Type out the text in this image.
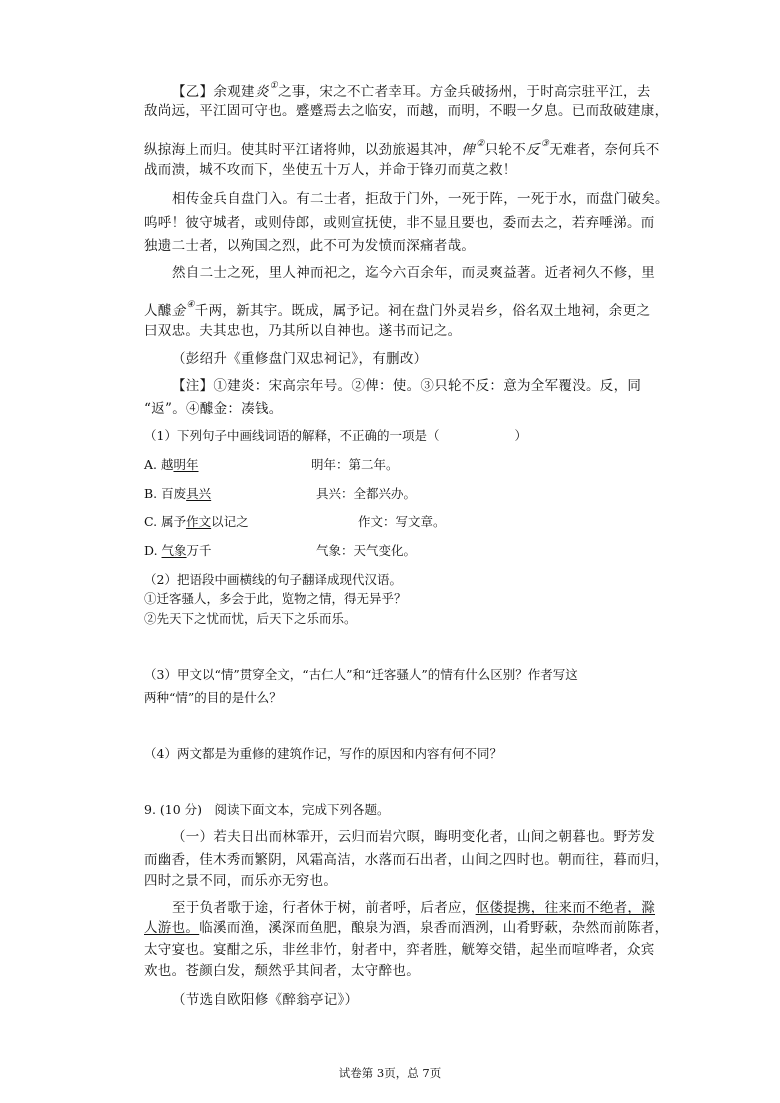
【乙】余观建炎①之事，宋之不亡者幸耳。方金兵破扬州，于时高宗驻平江，去
敌尚远，平江固可守也。蹙蹙焉去之临安，而越，而明，不暇一夕息。已而敌破建康，
纵掠海上而归。使其时平江诸将帅，以劲旅遏其冲，俾②只轮不反③无难者，奈何兵不
战而溃，城不攻而下，坐使五十万人，并命于锋刃而莫之救！
相传金兵自盘门入。有二士者，拒敌于门外，一死于阵，一死于水，而盘门破矣。
呜呼！彼守城者，或则侍郎，或则宣抚使，非不显且要也，委而去之，若弃唾涕。而
独遗二士者，以殉国之烈，此不可为发愤而深痛者哉。
然自二士之死，里人神而祀之，迄今六百余年，而灵爽益著。近者祠久不修，里
人醵金④千两，新其宇。既成，属予记。祠在盘门外灵岩乡，俗名双土地祠，余更之
曰双忠。夫其忠也，乃其所以自神也。遂书而记之。
（彭绍升《重修盘门双忠祠记》，有删改）
【注】①建炎：宋高宗年号。②俾：使。③只轮不反：意为全军覆没。反，同
“返”。④醵金：凑钱。
（1）下列句子中画线词语的解释，不正确的一项是（　　　　　　）
A. 越明年	明年：第二年。
B. 百废具兴	具兴：全都兴办。
C. 属予作文以记之	作文：写文章。
D. 气象万千	气象：天气变化。
（2）把语段中画横线的句子翻译成现代汉语。
①迁客骚人，多会于此，览物之情，得无异乎？
②先天下之忧而忧，后天下之乐而乐。
（3）甲文以“情”贯穿全文，“古仁人”和“迁客骚人”的情有什么区别？作者写这
两种“情”的目的是什么？
（4）两文都是为重修的建筑作记，写作的原因和内容有何不同？
9. (10 分)　阅读下面文本，完成下列各题。
（一）若夫日出而林霏开，云归而岩穴暝，晦明变化者，山间之朝暮也。野芳发
而幽香，佳木秀而繁阴，风霜高洁，水落而石出者，山间之四时也。朝而往，暮而归，
四时之景不同，而乐亦无穷也。
至于负者歌于途，行者休于树，前者呼，后者应，伛偻提携，往来而不绝者，滁
人游也。临溪而渔，溪深而鱼肥，酿泉为酒，泉香而酒洌，山肴野蔌，杂然而前陈者，
太守宴也。宴酣之乐，非丝非竹，射者中，弈者胜，觥筹交错，起坐而喧哗者，众宾
欢也。苍颜白发，颓然乎其间者，太守醉也。
（节选自欧阳修《醉翁亭记》）
试卷第 3页，总 7页
